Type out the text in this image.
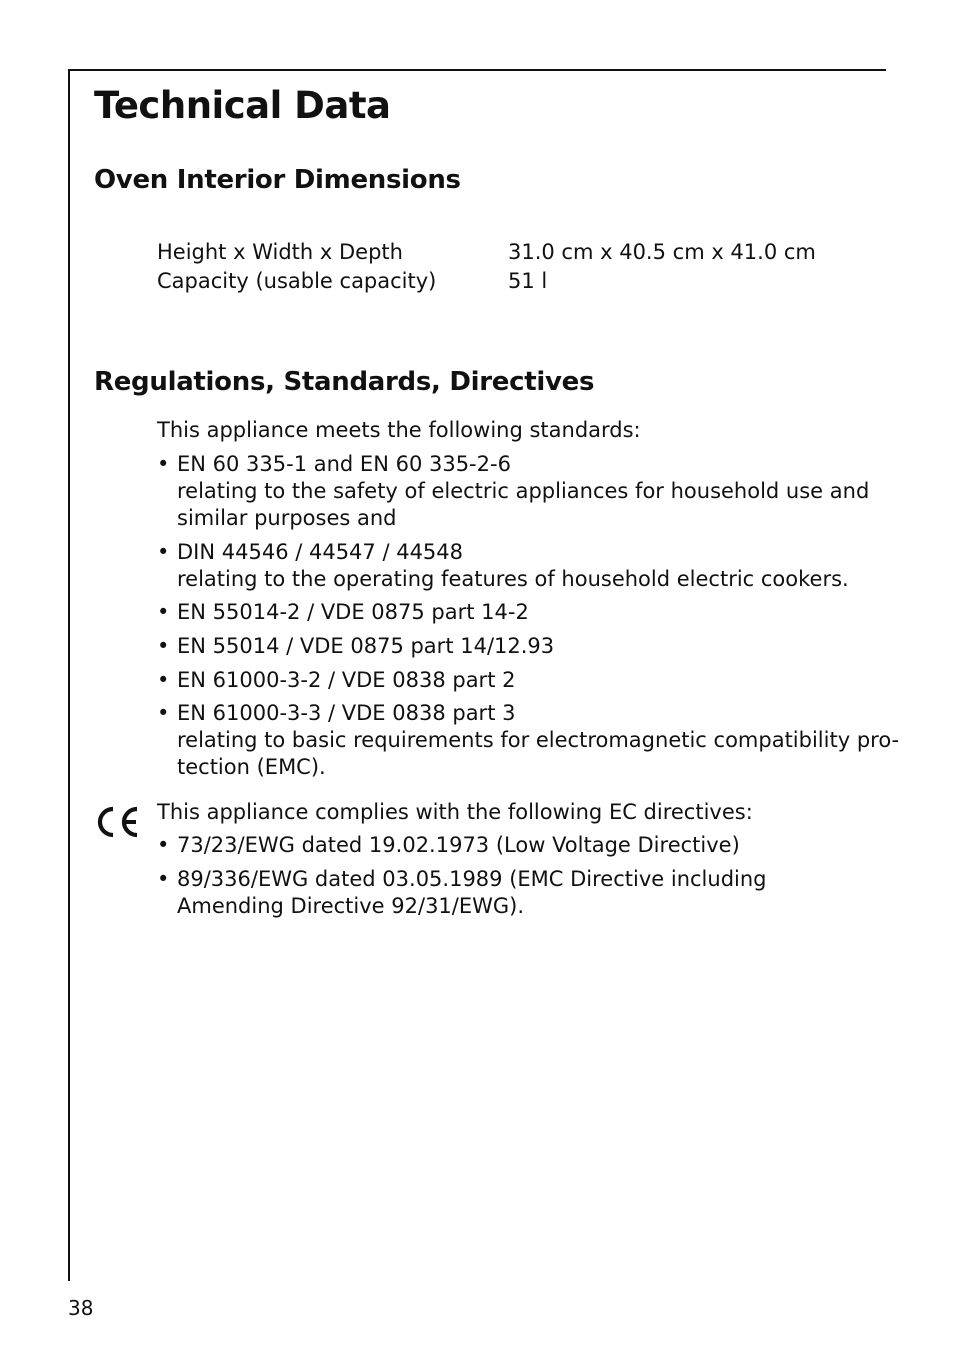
Technical Data
Oven Interior Dimensions
Height x Width x Depth	31.0 cm x 40.5 cm x 41.0 cm
Capacity (usable capacity)	51 l
Regulations, Standards, Directives
This appliance meets the following standards:
• EN 60 335-1 and EN 60 335-2-6
relating to the safety of electric appliances for household use and
similar purposes and
• DIN 44546 / 44547 / 44548
relating to the operating features of household electric cookers.
• EN 55014-2 / VDE 0875 part 14-2
• EN 55014 / VDE 0875 part 14/12.93
• EN 61000-3-2 / VDE 0838 part 2
• EN 61000-3-3 / VDE 0838 part 3
relating to basic requirements for electromagnetic compatibility pro-
tection (EMC).
This appliance complies with the following EC directives:
• 73/23/EWG dated 19.02.1973 (Low Voltage Directive)
• 89/336/EWG dated 03.05.1989 (EMC Directive including
Amending Directive 92/31/EWG).
38
